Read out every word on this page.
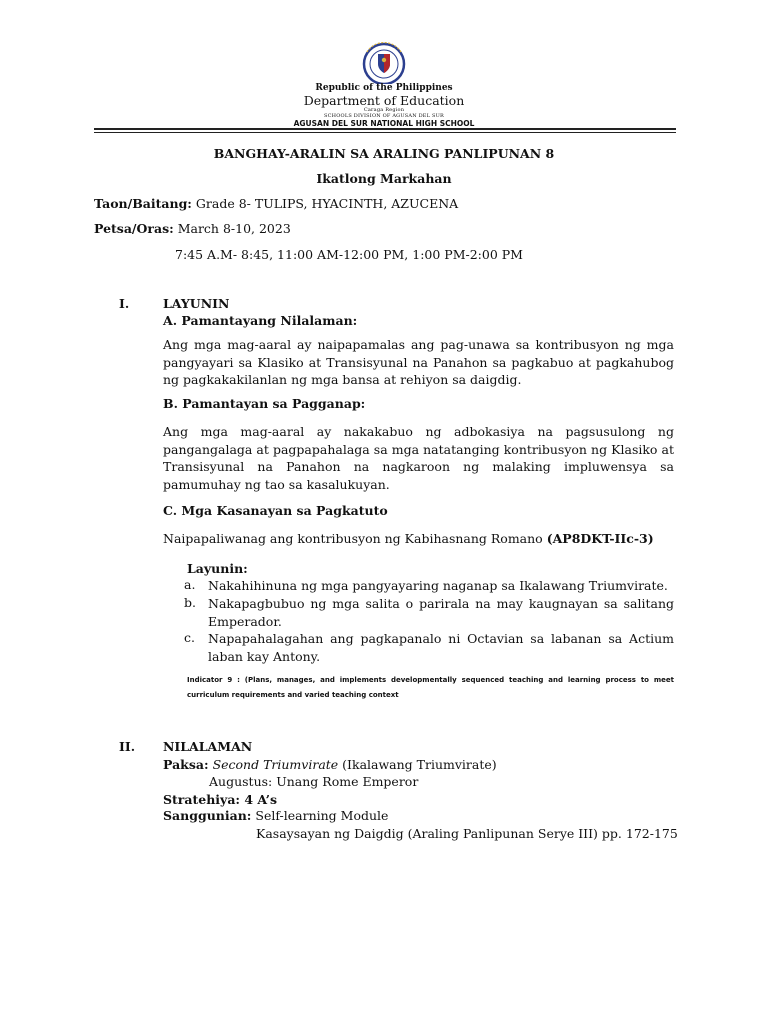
Republic of the Philippines
Department of Education
Caraga Region
SCHOOLS DIVISION OF AGUSAN DEL SUR
AGUSAN DEL SUR NATIONAL HIGH SCHOOL
BANGHAY-ARALIN SA ARALING PANLIPUNAN 8
Ikatlong Markahan
Taon/Baitang: Grade 8- TULIPS, HYACINTH, AZUCENA
Petsa/Oras: March 8-10, 2023
7:45 A.M- 8:45, 11:00 AM-12:00 PM, 1:00 PM-2:00 PM
I.	LAYUNIN
A. Pamantayang Nilalaman:
Ang mga mag-aaral ay naipapamalas ang pag-unawa sa kontribusyon ng mga pangyayari sa Klasiko at Transisyunal na Panahon sa pagkabuo at pagkahubog ng pagkakakilanlan ng mga bansa at rehiyon sa daigdig.
B. Pamantayan sa Pagganap:
Ang mga mag-aaral ay nakakabuo ng adbokasiya na pagsusulong ng pangangalaga at pagpapahalaga sa mga natatanging kontribusyon ng Klasiko at Transisyunal na Panahon na nagkaroon ng malaking impluwensya sa pamumuhay ng tao sa kasalukuyan.
C. Mga Kasanayan sa Pagkatuto
Naipapaliwanag ang kontribusyon ng Kabihasnang Romano (AP8DKT-IIc-3)
Layunin:
a. Nakahihinuna ng mga pangyayaring naganap sa Ikalawang Triumvirate.
b. Nakapagbubuo ng mga salita o parirala na may kaugnayan sa salitang Emperador.
c. Napapahalagahan ang pagkapanalo ni Octavian sa labanan sa Actium laban kay Antony.
Indicator 9 : (Plans, manages, and implements developmentally sequenced teaching and learning process to meet curriculum requirements and varied teaching context
II. NILALAMAN
Paksa: Second Triumvirate (Ikalawang Triumvirate)
Augustus: Unang Rome Emperor
Stratehiya: 4 A’s
Sanggunian: Self-learning Module
Kasaysayan ng Daigdig (Araling Panlipunan Serye III) pp. 172-175
